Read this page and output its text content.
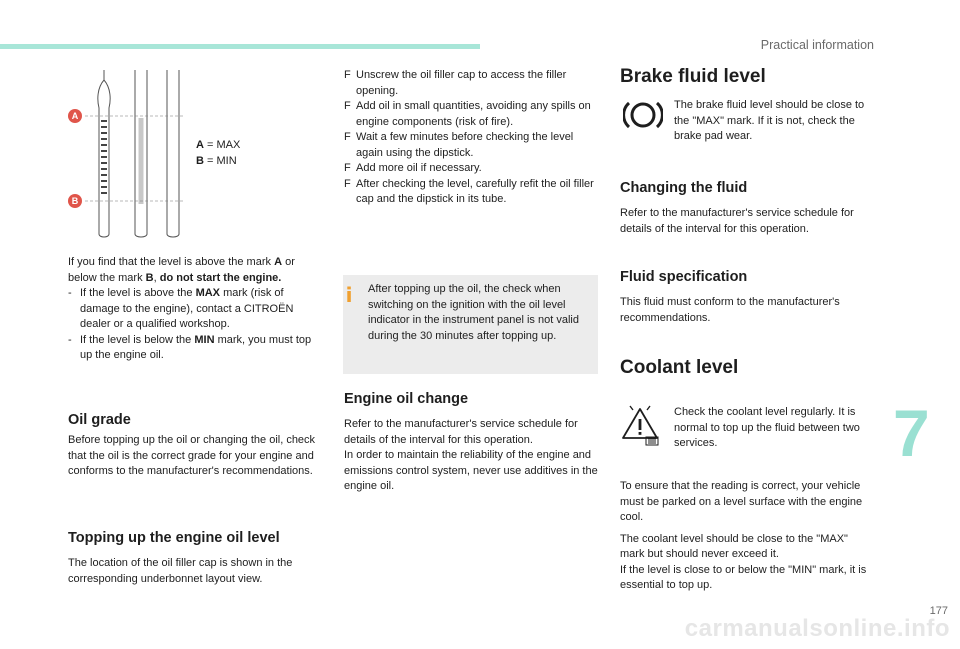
Practical information
177
7
carmanualsonline.info
A
B
A = MAX
B = MIN

If you find that the level is above the mark A or below the mark B, do not start the engine.

- If the level is above the MAX mark (risk of damage to the engine), contact a CITROËN dealer or a qualified workshop.
- If the level is below the MIN mark, you must top up the engine oil.
Oil grade

Before topping up the oil or changing the oil, check that the oil is the correct grade for your engine and conforms to the manufacturer's recommendations.

Topping up the engine oil level

The location of the oil filler cap is shown in the corresponding underbonnet layout view.

F Unscrew the oil filler cap to access the filler opening.
F Add oil in small quantities, avoiding any spills on engine components (risk of fire).
F Wait a few minutes before checking the level again using the dipstick.
F Add more oil if necessary.
F After checking the level, carefully refit the oil filler cap and the dipstick in its tube.
i After topping up the oil, the check when switching on the ignition with the oil level indicator in the instrument panel is not valid during the 30 minutes after topping up.
Engine oil change

Refer to the manufacturer's service schedule for details of the interval for this operation.

In order to maintain the reliability of the engine and emissions control system, never use additives in the engine oil.

Brake fluid level

The brake fluid level should be close to the "MAX" mark. If it is not, check the brake pad wear.

Changing the fluid

Refer to the manufacturer's service schedule for details of the interval for this operation.

Fluid specification

This fluid must conform to the manufacturer's recommendations.

Coolant level

Check the coolant level regularly. It is normal to top up the fluid between two services.

To ensure that the reading is correct, your vehicle must be parked on a level surface with the engine cool.

The coolant level should be close to the "MAX" mark but should never exceed it.

If the level is close to or below the "MIN" mark, it is essential to top up.
